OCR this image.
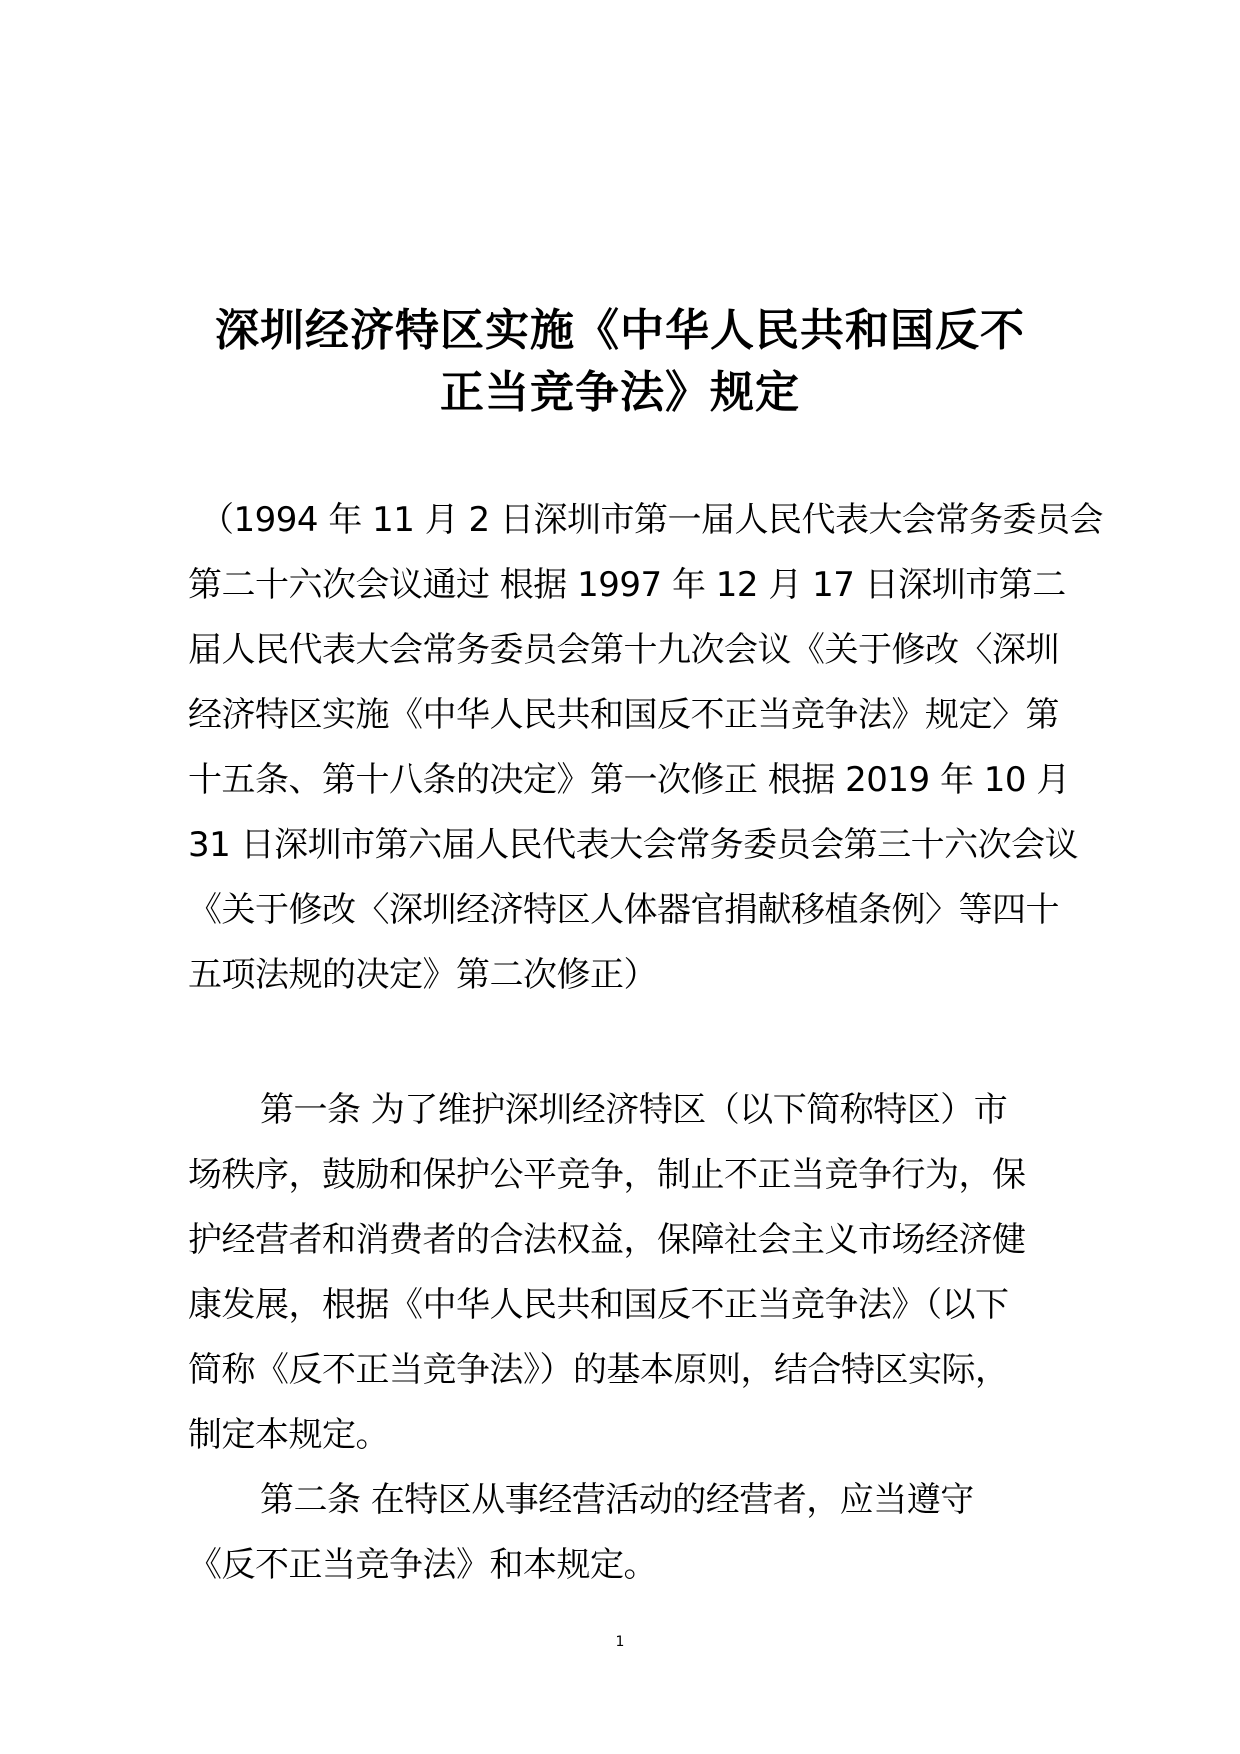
深圳经济特区实施《中华人民共和国反不
正当竞争法》规定
（1994 年 11 月 2 日深圳市第一届人民代表大会常务委员会
第二十六次会议通过 根据 1997 年 12 月 17 日深圳市第二
届人民代表大会常务委员会第十九次会议《关于修改〈深圳
经济特区实施《中华人民共和国反不正当竞争法》规定〉第
十五条、第十八条的决定》第一次修正 根据 2019 年 10 月
31 日深圳市第六届人民代表大会常务委员会第三十六次会议
《关于修改〈深圳经济特区人体器官捐献移植条例〉等四十
五项法规的决定》第二次修正）
第一条 为了维护深圳经济特区（以下简称特区）市
场秩序，鼓励和保护公平竞争，制止不正当竞争行为，保
护经营者和消费者的合法权益，保障社会主义市场经济健
康发展，根据《中华人民共和国反不正当竞争法》（以下
简称《反不正当竞争法》）的基本原则，结合特区实际，
制定本规定。
第二条 在特区从事经营活动的经营者，应当遵守
《反不正当竞争法》和本规定。
1
